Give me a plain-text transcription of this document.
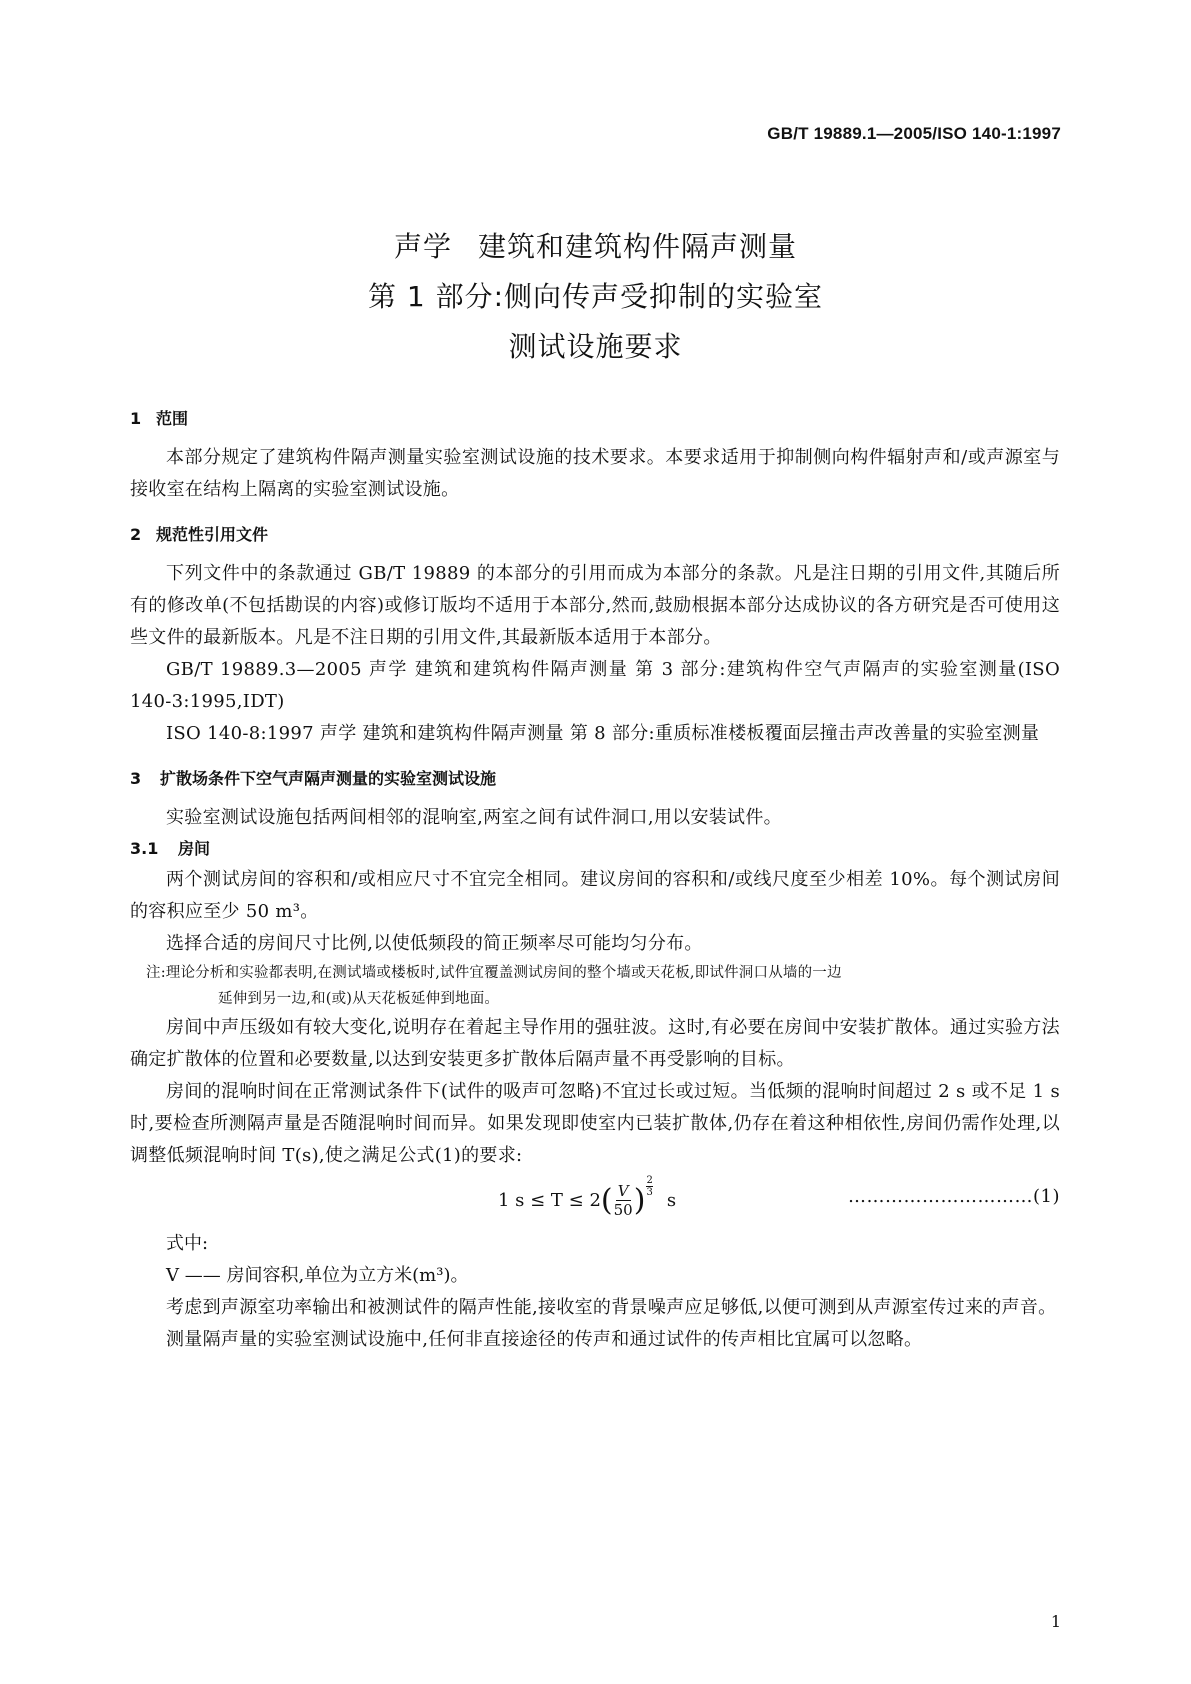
GB/T 19889.1—2005/ISO 140-1:1997
声学 建筑和建筑构件隔声测量
第 1 部分:侧向传声受抑制的实验室
测试设施要求
1 范围
本部分规定了建筑构件隔声测量实验室测试设施的技术要求。本要求适用于抑制侧向构件辐射声和/或声源室与接收室在结构上隔离的实验室测试设施。
2 规范性引用文件
下列文件中的条款通过 GB/T 19889 的本部分的引用而成为本部分的条款。凡是注日期的引用文件,其随后所有的修改单(不包括勘误的内容)或修订版均不适用于本部分,然而,鼓励根据本部分达成协议的各方研究是否可使用这些文件的最新版本。凡是不注日期的引用文件,其最新版本适用于本部分。
GB/T 19889.3—2005 声学 建筑和建筑构件隔声测量 第 3 部分:建筑构件空气声隔声的实验室测量(ISO 140-3:1995,IDT)
ISO 140-8:1997 声学 建筑和建筑构件隔声测量 第 8 部分:重质标准楼板覆面层撞击声改善量的实验室测量
3 扩散场条件下空气声隔声测量的实验室测试设施
实验室测试设施包括两间相邻的混响室,两室之间有试件洞口,用以安装试件。
3.1 房间
两个测试房间的容积和/或相应尺寸不宜完全相同。建议房间的容积和/或线尺度至少相差 10%。每个测试房间的容积应至少 50 m³。
选择合适的房间尺寸比例,以使低频段的简正频率尽可能均匀分布。
注:理论分析和实验都表明,在测试墙或楼板时,试件宜覆盖测试房间的整个墙或天花板,即试件洞口从墙的一边
延伸到另一边,和(或)从天花板延伸到地面。
房间中声压级如有较大变化,说明存在着起主导作用的强驻波。这时,有必要在房间中安装扩散体。通过实验方法确定扩散体的位置和必要数量,以达到安装更多扩散体后隔声量不再受影响的目标。
房间的混响时间在正常测试条件下(试件的吸声可忽略)不宜过长或过短。当低频的混响时间超过 2 s 或不足 1 s 时,要检查所测隔声量是否随混响时间而异。如果发现即使室内已装扩散体,仍存在着这种相依性,房间仍需作处理,以调整低频混响时间 T(s),使之满足公式(1)的要求:
1 s ≤ T ≤ 2 ( $\frac{V}{50}$ ) $\frac{2}{3}$
s	…………………………(1)
式中:
V —— 房间容积,单位为立方米(m³)。
考虑到声源室功率输出和被测试件的隔声性能,接收室的背景噪声应足够低,以便可测到从声源室传过来的声音。
测量隔声量的实验室测试设施中,任何非直接途径的传声和通过试件的传声相比宜属可以忽略。
1
